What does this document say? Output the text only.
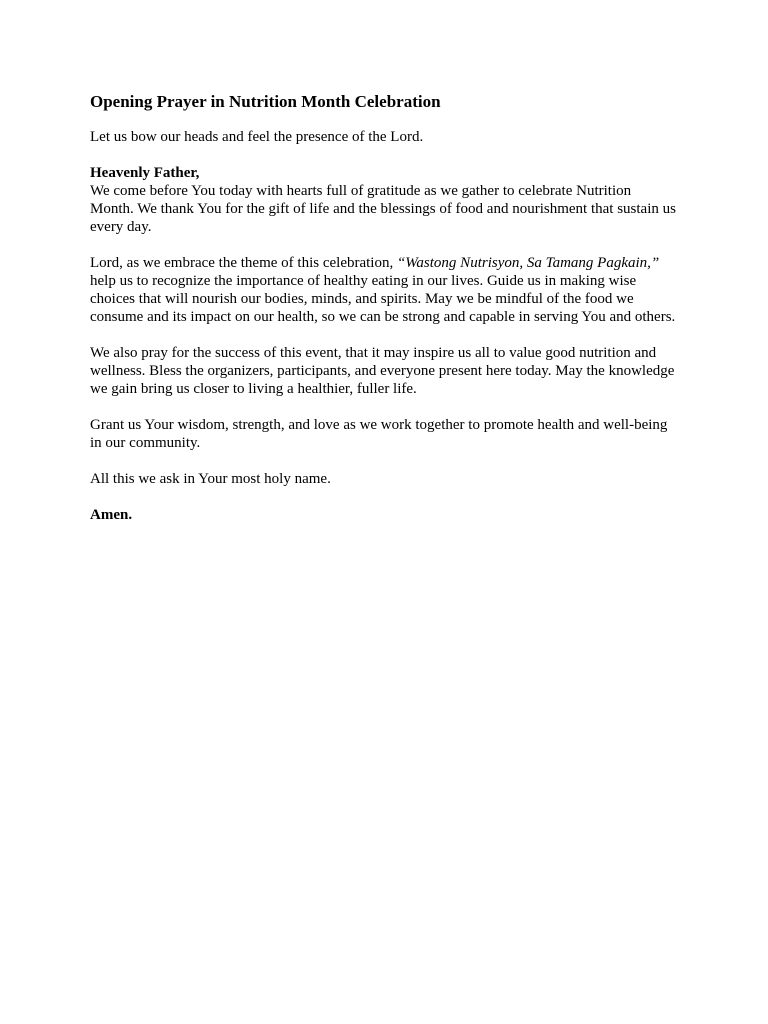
Opening Prayer in Nutrition Month Celebration

Let us bow our heads and feel the presence of the Lord.

Heavenly Father,

We come before You today with hearts full of gratitude as we gather to celebrate Nutrition Month. We thank You for the gift of life and the blessings of food and nourishment that sustain us every day.

Lord, as we embrace the theme of this celebration, “Wastong Nutrisyon, Sa Tamang Pagkain,” help us to recognize the importance of healthy eating in our lives. Guide us in making wise choices that will nourish our bodies, minds, and spirits. May we be mindful of the food we consume and its impact on our health, so we can be strong and capable in serving You and others.

We also pray for the success of this event, that it may inspire us all to value good nutrition and wellness. Bless the organizers, participants, and everyone present here today. May the knowledge we gain bring us closer to living a healthier, fuller life.

Grant us Your wisdom, strength, and love as we work together to promote health and well-being in our community.

All this we ask in Your most holy name.

Amen.
